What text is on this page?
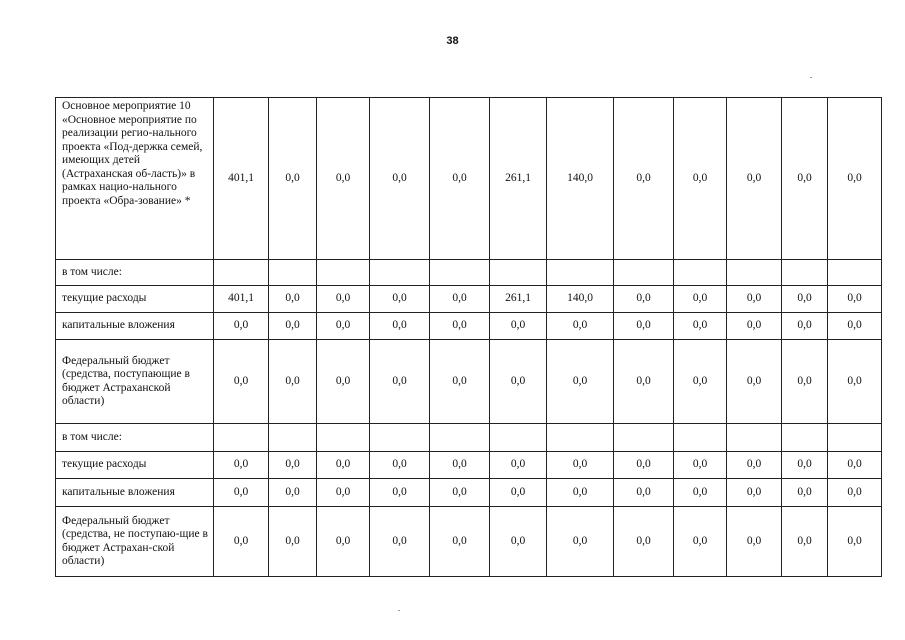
38
Основное мероприятие 10 «Основное мероприятие по реализации регио-нального проекта «Под-держка семей, имеющих детей (Астраханская об-ласть)» в рамках нацио-нального проекта «Обра-зование» *	401,1	0,0	0,0	0,0	0,0	261,1	140,0	0,0	0,0	0,0	0,0	0,0
в том числе:												
текущие расходы	401,1	0,0	0,0	0,0	0,0	261,1	140,0	0,0	0,0	0,0	0,0	0,0
капитальные вложения	0,0	0,0	0,0	0,0	0,0	0,0	0,0	0,0	0,0	0,0	0,0	0,0
Федеральный бюджет (средства, поступающие в бюджет Астраханской области)	0,0	0,0	0,0	0,0	0,0	0,0	0,0	0,0	0,0	0,0	0,0	0,0
в том числе:												
текущие расходы	0,0	0,0	0,0	0,0	0,0	0,0	0,0	0,0	0,0	0,0	0,0	0,0
капитальные вложения	0,0	0,0	0,0	0,0	0,0	0,0	0,0	0,0	0,0	0,0	0,0	0,0
Федеральный бюджет (средства, не поступаю-щие в бюджет Астрахан-ской области)	0,0	0,0	0,0	0,0	0,0	0,0	0,0	0,0	0,0	0,0	0,0	0,0
